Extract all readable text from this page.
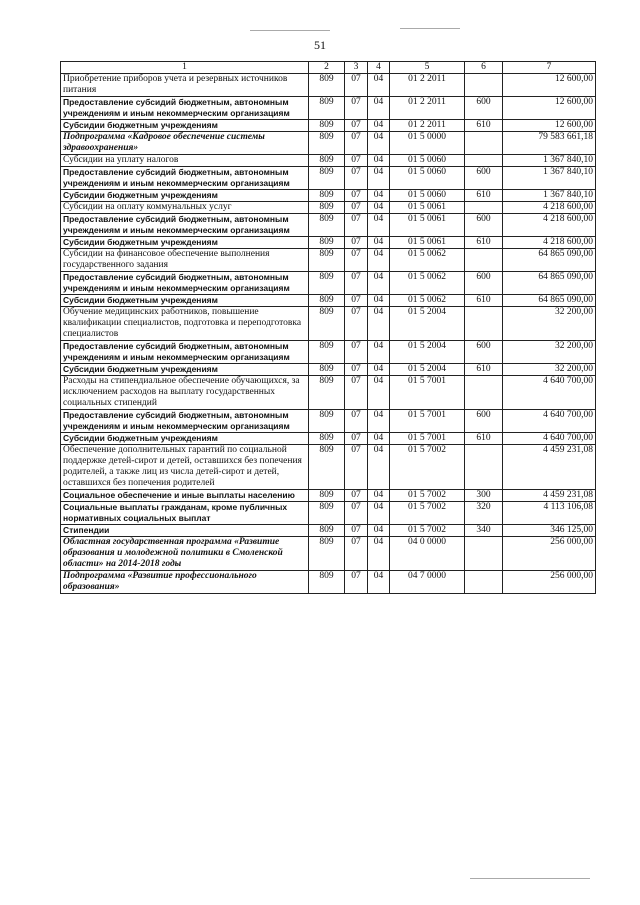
51
1	2	3	4	5	6	7
Приобретение приборов учета и резервных источников питания	809	07	04	01 2 2011		12 600,00
Предоставление субсидий бюджетным, автономным учреждениям и иным некоммерческим организациям	809	07	04	01 2 2011	600	12 600,00
Субсидии бюджетным учреждениям	809	07	04	01 2 2011	610	12 600,00
Подпрограмма «Кадровое обеспечение системы здравоохранения»	809	07	04	01 5 0000		79 583 661,18
Субсидии на уплату налогов	809	07	04	01 5 0060		1 367 840,10
Предоставление субсидий бюджетным, автономным учреждениям и иным некоммерческим организациям	809	07	04	01 5 0060	600	1 367 840,10
Субсидии бюджетным учреждениям	809	07	04	01 5 0060	610	1 367 840,10
Субсидии на оплату коммунальных услуг	809	07	04	01 5 0061		4 218 600,00
Предоставление субсидий бюджетным, автономным учреждениям и иным некоммерческим организациям	809	07	04	01 5 0061	600	4 218 600,00
Субсидии бюджетным учреждениям	809	07	04	01 5 0061	610	4 218 600,00
Субсидии на финансовое обеспечение выполнения государственного задания	809	07	04	01 5 0062		64 865 090,00
Предоставление субсидий бюджетным, автономным учреждениям и иным некоммерческим организациям	809	07	04	01 5 0062	600	64 865 090,00
Субсидии бюджетным учреждениям	809	07	04	01 5 0062	610	64 865 090,00
Обучение медицинских работников, повышение квалификации специалистов, подготовка и переподготовка специалистов	809	07	04	01 5 2004		32 200,00
Предоставление субсидий бюджетным, автономным учреждениям и иным некоммерческим организациям	809	07	04	01 5 2004	600	32 200,00
Субсидии бюджетным учреждениям	809	07	04	01 5 2004	610	32 200,00
Расходы на стипендиальное обеспечение обучающихся, за исключением расходов на выплату государственных социальных стипендий	809	07	04	01 5 7001		4 640 700,00
Предоставление субсидий бюджетным, автономным учреждениям и иным некоммерческим организациям	809	07	04	01 5 7001	600	4 640 700,00
Субсидии бюджетным учреждениям	809	07	04	01 5 7001	610	4 640 700,00
Обеспечение дополнительных гарантий по социальной поддержке детей-сирот и детей, оставшихся без попечения родителей, а также лиц из числа детей-сирот и детей, оставшихся без попечения родителей	809	07	04	01 5 7002		4 459 231,08
Социальное обеспечение и иные выплаты населению	809	07	04	01 5 7002	300	4 459 231,08
Социальные выплаты гражданам, кроме публичных нормативных социальных выплат	809	07	04	01 5 7002	320	4 113 106,08
Стипендии	809	07	04	01 5 7002	340	346 125,00
Областная государственная программа «Развитие образования и молодежной политики в Смоленской области» на 2014-2018 годы	809	07	04	04 0 0000		256 000,00
Подпрограмма «Развитие профессионального образования»	809	07	04	04 7 0000		256 000,00
